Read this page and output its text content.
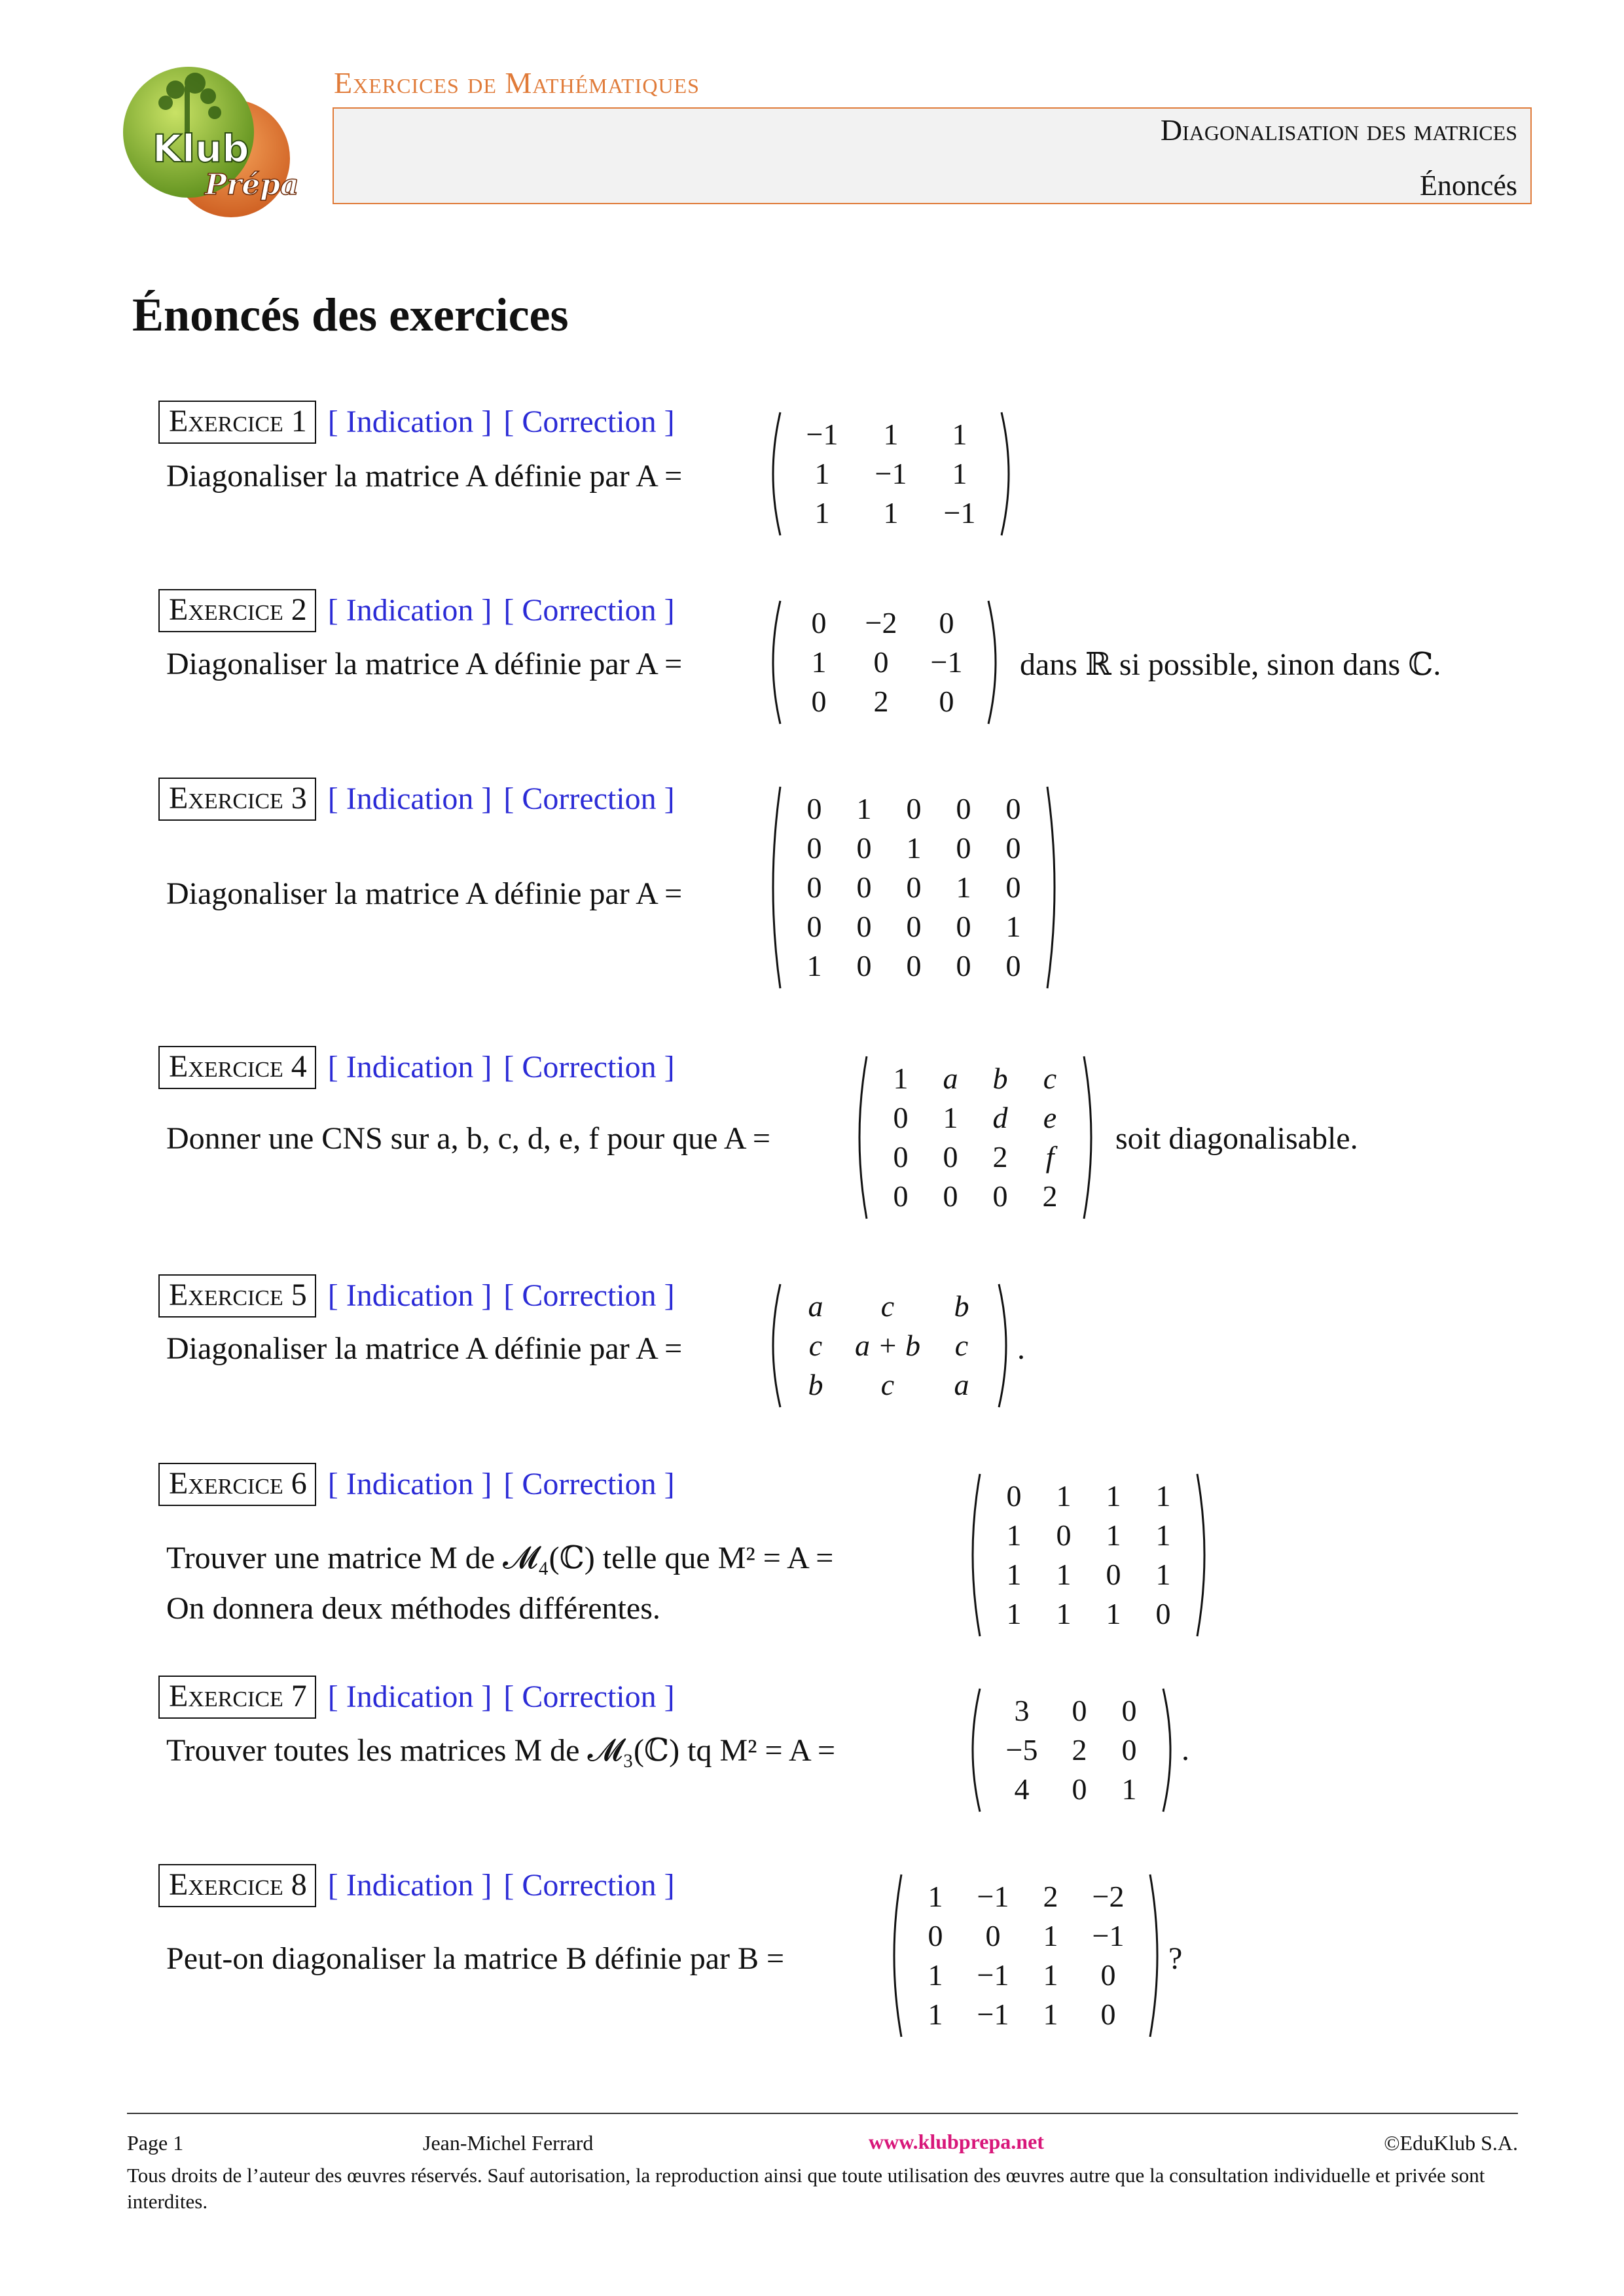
Klub
Prépa
Exercices de Mathématiques
Diagonalisation des matrices
Énoncés
Énoncés des exercices
Exercice 1 [ Indication ] [ Correction ]
Diagonaliser la matrice A définie par A =
−1	1	1
1	−1	1
1	1	−1
Exercice 2 [ Indication ] [ Correction ]
Diagonaliser la matrice A définie par A =
0	−2	0
1	0	−1
0	2	0
dans ℝ si possible, sinon dans ℂ.
Exercice 3 [ Indication ] [ Correction ]
Diagonaliser la matrice A définie par A =
0	1	0	0	0
0	0	1	0	0
0	0	0	1	0
0	0	0	0	1
1	0	0	0	0
Exercice 4 [ Indication ] [ Correction ]
Donner une CNS sur a, b, c, d, e, f pour que A =
1	a	b	c
0	1	d	e
0	0	2	f
0	0	0	2
soit diagonalisable.
Exercice 5 [ Indication ] [ Correction ]
Diagonaliser la matrice A définie par A =
a	c	b
c	a + b	c
b	c	a
.
Exercice 6 [ Indication ] [ Correction ]
Trouver une matrice M de 𝓜₄(ℂ) telle que M² = A =
On donnera deux méthodes différentes.
0	1	1	1
1	0	1	1
1	1	0	1
1	1	1	0
Exercice 7 [ Indication ] [ Correction ]
Trouver toutes les matrices M de 𝓜₃(ℂ) tq M² = A =
3	0	0
−5	2	0
4	0	1
.
Exercice 8 [ Indication ] [ Correction ]
Peut-on diagonaliser la matrice B définie par B =
1	−1	2	−2
0	0	1	−1
1	−1	1	0
1	−1	1	0
?
Page 1	Jean-Michel Ferrard	www.klubprepa.net	©EduKlub S.A.
Tous droits de l’auteur des œuvres réservés. Sauf autorisation, la reproduction ainsi que toute utilisation des œuvres autre que la consultation individuelle et privée sont interdites.
